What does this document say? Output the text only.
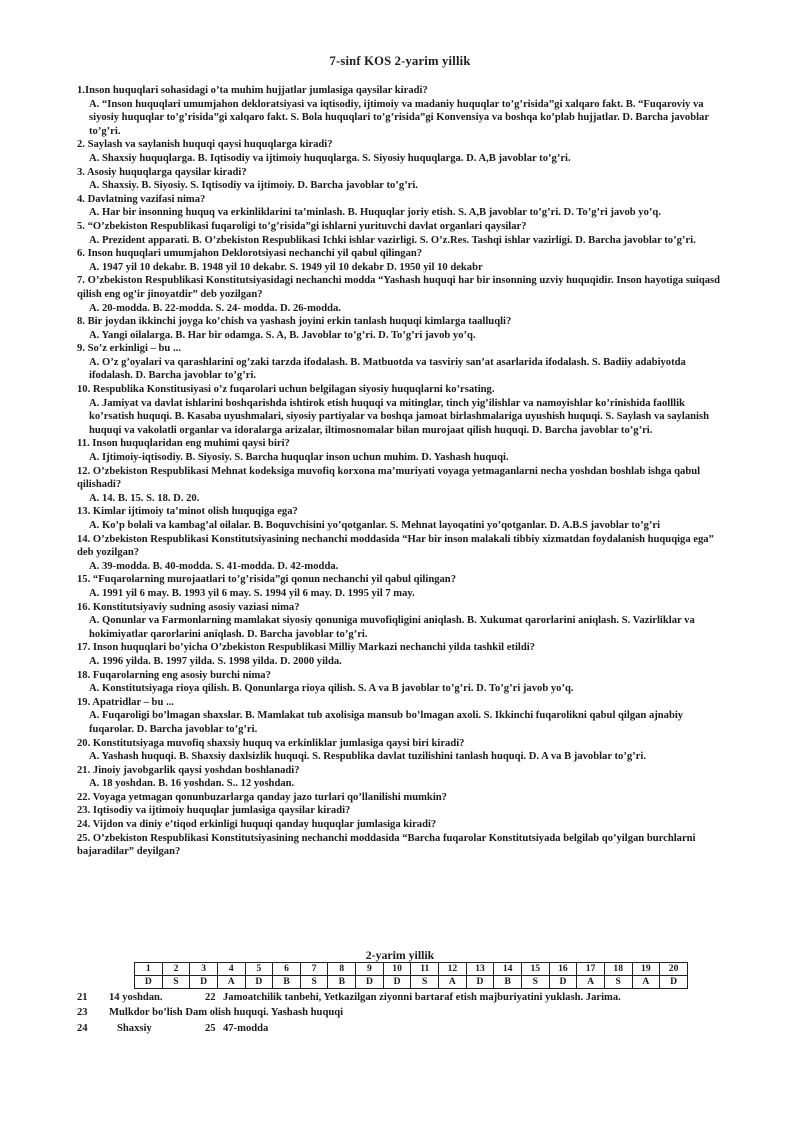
7-sinf KOS 2-yarim yillik
1.Inson huquqlari sohasidagi o’ta muhim hujjatlar jumlasiga qaysilar kiradi?
A. “Inson huquqlari umumjahon dekloratsiyasi va iqtisodiy, ijtimoiy va madaniy huquqlar to’g’risida”gi xalqaro fakt. B. “Fuqaroviy va siyosiy huquqlar to’g’risida”gi xalqaro fakt. S. Bola huquqlari to’g’risida”gi Konvensiya va boshqa ko’plab hujjatlar. D. Barcha javoblar to’g’ri.
2. Saylash va saylanish huquqi qaysi huquqlarga kiradi?
A. Shaxsiy huquqlarga. B. Iqtisodiy va ijtimoiy huquqlarga. S. Siyosiy huquqlarga. D. A,B javoblar to’g’ri.
3. Asosiy huquqlarga qaysilar kiradi?
A. Shaxsiy. B. Siyosiy. S. Iqtisodiy va ijtimoiy. D. Barcha javoblar to’g’ri.
4. Davlatning vazifasi nima?
A. Har bir insonning huquq va erkinliklarini ta’minlash. B. Huquqlar joriy etish. S. A,B javoblar to’g’ri. D. To’g’ri javob yo’q.
5. “O’zbekiston Respublikasi fuqaroligi to’g’risida”gi ishlarni yurituvchi davlat organlari qaysilar?
A. Prezident apparati. B. O’zbekiston Respublikasi Ichki ishlar vazirligi. S. O’z.Res. Tashqi ishlar vazirligi. D. Barcha javoblar to’g’ri.
6. Inson huquqlari umumjahon Deklorotsiyasi nechanchi yil qabul qilingan?
A. 1947 yil 10 dekabr. B. 1948 yil 10 dekabr. S. 1949 yil 10 dekabr D. 1950 yil 10 dekabr
7. O’zbekiston Respublikasi Konstitutsiyasidagi nechanchi modda “Yashash huquqi har bir insonning uzviy huquqidir. Inson hayotiga suiqasd qilish eng og’ir jinoyatdir” deb yozilgan?
A. 20-modda. B. 22-modda. S. 24- modda. D. 26-modda.
8. Bir joydan ikkinchi joyga ko’chish va yashash joyini erkin tanlash huquqi kimlarga taalluqli?
A. Yangi oilalarga. B. Har bir odamga. S. A, B. Javoblar to’g’ri. D. To’g’ri javob yo’q.
9. So’z erkinligi – bu ...
A. O’z g’oyalari va qarashlarini og’zaki tarzda ifodalash. B. Matbuotda va tasviriy san’at asarlarida ifodalash. S. Badiiy adabiyotda ifodalash. D. Barcha javoblar to’g’ri.
10. Respublika Konstitusiyasi o’z fuqarolari uchun belgilagan siyosiy huquqlarni ko’rsating.
A. Jamiyat va davlat ishlarini boshqarishda ishtirok etish huquqi va mitinglar, tinch yig’ilishlar va namoyishlar ko’rinishida faolllik ko’rsatish huquqi. B. Kasaba uyushmalari, siyosiy partiyalar va boshqa jamoat birlashmalariga uyushish huquqi. S. Saylash va saylanish huquqi va vakolatli organlar va idoralarga arizalar, iltimosnomalar bilan murojaat qilish huquqi. D. Barcha javoblar to’g’ri.
11. Inson huquqlaridan eng muhimi qaysi biri?
A. Ijtimoiy-iqtisodiy. B. Siyosiy. S. Barcha huquqlar inson uchun muhim. D. Yashash huquqi.
12. O’zbekiston Respublikasi Mehnat kodeksiga muvofiq korxona ma’muriyati voyaga yetmaganlarni necha yoshdan boshlab ishga qabul qilishadi?
A. 14. B. 15. S. 18. D. 20.
13. Kimlar ijtimoiy ta’minot olish huquqiga ega?
A. Ko’p bolali va kambag’al oilalar. B. Boquvchisini yo’qotganlar. S. Mehnat layoqatini yo’qotganlar. D. A.B.S javoblar to’g’ri
14. O’zbekiston Respublikasi Konstitutsiyasining nechanchi moddasida “Har bir inson malakali tibbiy xizmatdan foydalanish huquqiga ega” deb yozilgan?
A. 39-modda. B. 40-modda. S. 41-modda. D. 42-modda.
15. “Fuqarolarning murojaatlari to’g’risida”gi qonun nechanchi yil qabul qilingan?
A. 1991 yil 6 may. B. 1993 yil 6 may. S. 1994 yil 6 may. D. 1995 yil 7 may.
16. Konstitutsiyaviy sudning asosiy vaziasi nima?
A. Qonunlar va Farmonlarning mamlakat siyosiy qonuniga muvofiqligini aniqlash. B. Xukumat qarorlarini aniqlash. S. Vazirliklar va hokimiyatlar qarorlarini aniqlash. D. Barcha javoblar to’g’ri.
17. Inson huquqlari bo’yicha O’zbekiston Respublikasi Milliy Markazi nechanchi yilda tashkil etildi?
A. 1996 yilda. B. 1997 yilda. S. 1998 yilda. D. 2000 yilda.
18. Fuqarolarning eng asosiy burchi nima?
A. Konstitutsiyaga rioya qilish. B. Qonunlarga rioya qilish. S. A va B javoblar to’g’ri. D. To’g’ri javob yo’q.
19. Apatridlar – bu ...
A. Fuqaroligi bo’lmagan shaxslar. B. Mamlakat tub axolisiga mansub bo’lmagan axoli. S. Ikkinchi fuqarolikni qabul qilgan ajnabiy fuqarolar. D. Barcha javoblar to’g’ri.
20. Konstitutsiyaga muvofiq shaxsiy huquq va erkinliklar jumlasiga qaysi biri kiradi?
A. Yashash huquqi. B. Shaxsiy daxlsizlik huquqi. S. Respublika davlat tuzilishini tanlash huquqi. D. A va B javoblar to’g’ri.
21. Jinoiy javobgarlik qaysi yoshdan boshlanadi?
A. 18 yoshdan. B. 16 yoshdan. S.. 12 yoshdan.
22. Voyaga yetmagan qonunbuzarlarga qanday jazo turlari qo’llanilishi mumkin?
23. Iqtisodiy va ijtimoiy huquqlar jumlasiga qaysilar kiradi?
24. Vijdon va diniy e’tiqod erkinligi huquqi qanday huquqlar jumlasiga kiradi?
25. O’zbekiston Respublikasi Konstitutsiyasining nechanchi moddasida “Barcha fuqarolar Konstitutsiyada belgilab qo’yilgan burchlarni bajaradilar” deyilgan?
2-yarim yillik
1	2	3	4	5	6	7	8	9	10	11	12	13	14	15	16	17	18	19	20
D	S	D	A	D	B	S	B	D	D	S	A	D	B	S	D	A	S	A	D
21 14 yoshdan.	22 Jamoatchilik tanbehi, Yetkazilgan ziyonni bartaraf etish majburiyatini yuklash. Jarima.
23 Mulkdor bo’lish Dam olish huquqi. Yashash huquqi
24	Shaxsiy	25 47-modda
